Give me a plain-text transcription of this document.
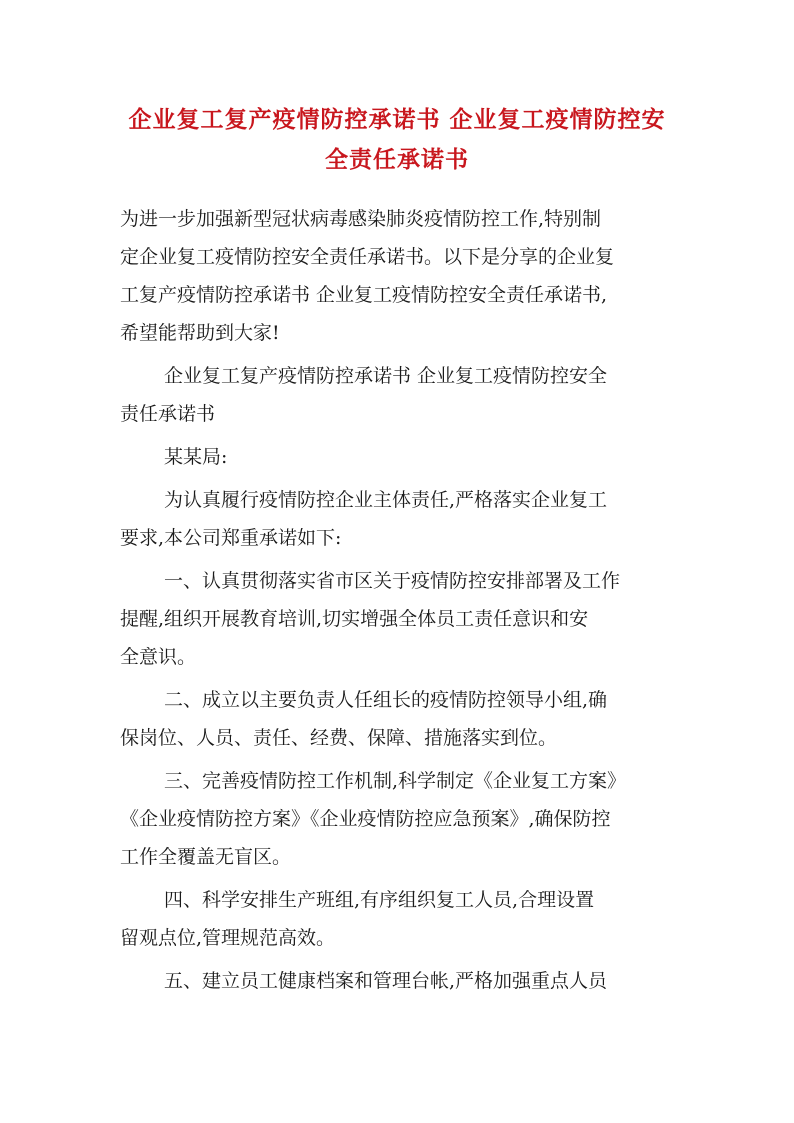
企业复工复产疫情防控承诺书 企业复工疫情防控安
全责任承诺书
为进一步加强新型冠状病毒感染肺炎疫情防控工作,特别制
定企业复工疫情防控安全责任承诺书。以下是分享的企业复
工复产疫情防控承诺书 企业复工疫情防控安全责任承诺书,
希望能帮助到大家!
企业复工复产疫情防控承诺书 企业复工疫情防控安全
责任承诺书
某某局:
为认真履行疫情防控企业主体责任,严格落实企业复工
要求,本公司郑重承诺如下:
一、认真贯彻落实省市区关于疫情防控安排部署及工作
提醒,组织开展教育培训,切实增强全体员工责任意识和安
全意识。
二、成立以主要负责人任组长的疫情防控领导小组,确
保岗位、人员、责任、经费、保障、措施落实到位。
三、完善疫情防控工作机制,科学制定《企业复工方案》
《企业疫情防控方案》《企业疫情防控应急预案》,确保防控
工作全覆盖无盲区。
四、科学安排生产班组,有序组织复工人员,合理设置
留观点位,管理规范高效。
五、建立员工健康档案和管理台帐,严格加强重点人员
